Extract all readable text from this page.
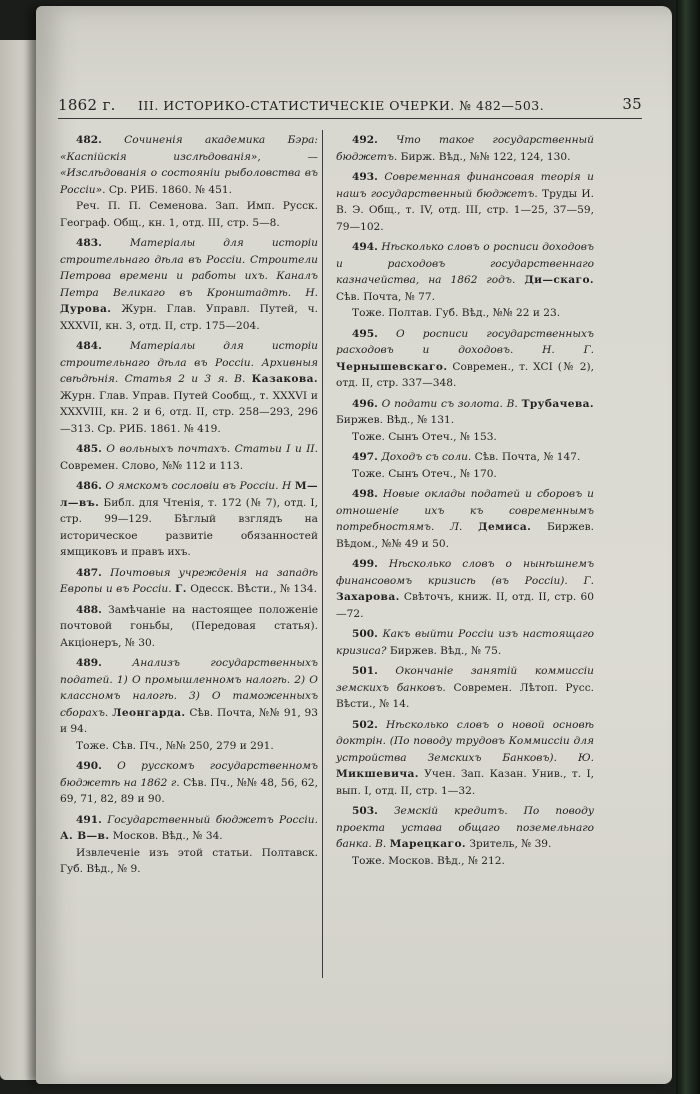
1862 г. III. ИСТОРИКО-СТАТИСТИЧЕСКІЕ ОЧЕРКИ. № 482—503.	35

482. Сочиненія академика Бэра: «Каспійскія изслѣдованія», — «Изслѣдованія о состояніи рыболовства въ Россіи». Ср. РИБ. 1860. № 451.
Реч. П. П. Семенова. Зап. Имп. Русск. Географ. Общ., кн. 1, отд. III, стр. 5—8.

483.	Матеріалы для исторіи строительнаго дѣла въ Россіи. Строители Петрова времени и работы ихъ. Каналъ Петра Великаго въ Кронштадтѣ. Н. Дурова. Журн. Глав. Управл. Путей, ч. XXXVII, кн. 3, отд. II, стр. 175—204.

484.	Матеріалы для исторіи строительнаго дѣла въ Россіи. Архивныя свѣдѣнія. Статья 2 и 3 я. В. Казакова. Журн. Глав. Управ. Путей Сообщ., т. XXXVI и XXXVIII, кн. 2 и 6, отд. II, стр. 258—293, 296—313. Ср. РИБ. 1861. № 419.

485. О вольныхъ почтахъ. Статьи I и II. Современ. Слово, №№ 112 и 113.

486. О ямскомъ сословіи въ Россіи. Н М—л—въ. Библ. для Чтенія, т. 172 (№ 7), отд. I, стр. 99—129. Бѣглый взглядъ на историческое развитіе обязанностей ямщиковъ и правъ ихъ.

487. Почтовыя учрежденія на западѣ Европы и въ Россіи. Г. Одесск. Вѣсти., № 134.

488. Замѣчаніе на настоящее положеніе почтовой гоньбы, (Передовая статья). Акціонеръ, № 30.

489.	Анализъ государственныхъ податей. 1) О промышленномъ налогѣ. 2) О классномъ налогѣ. 3) О таможенныхъ сборахъ. Леонгарда. Сѣв. Почта, №№ 91, 93 и 94.
Тоже. Сѣв. Пч., №№ 250, 279 и 291.

490. О русскомъ государственномъ бюджетѣ на 1862 г. Сѣв. Пч., №№ 48, 56, 62, 69, 71, 82, 89 и 90.

491. Государственный бюджетъ Россіи. А. В—в. Москов. Вѣд., № 34.
Извлеченіе изъ этой статьи. Полтавск. Губ. Вѣд., № 9.

492. Что такое государственный бюджетъ. Бирж. Вѣд., №№ 122, 124, 130.

493. Современная финансовая теорія и нашъ государственный бюджетъ. Труды И. В. Э. Общ., т. IV, отд. III, стр. 1—25, 37—59, 79—102.

494. Нѣсколько словъ о росписи доходовъ и расходовъ государственнаго казначейства, на 1862 годъ. Ди—скаго. Сѣв. Почта, № 77.
Тоже. Полтав. Губ. Вѣд., №№ 22 и 23.

495. О росписи государственныхъ расходовъ и доходовъ. Н. Г. Чернышевскаго. Современ., т. XCI (№ 2), отд. II, стр. 337—348.

496. О подати съ золота. В. Трубачева. Биржев. Вѣд., № 131.
Тоже. Сынъ Отеч., № 153.

497. Доходъ съ соли. Сѣв. Почта, № 147.
Тоже. Сынъ Отеч., № 170.

498. Новые оклады податей и сборовъ и отношеніе ихъ къ современнымъ потребностямъ. Л. Демиса. Биржев. Вѣдом., №№ 49 и 50.

499. Нѣсколько словъ о нынѣшнемъ финансовомъ кризисѣ (въ Россіи). Г. Захарова. Свѣточъ, книж. II, отд. II, стр. 60—72.

500. Какъ выйти Россіи изъ настоящаго кризиса? Биржев. Вѣд., № 75.

501. Окончаніе занятій коммиссіи земскихъ банковъ. Современ. Лѣтоп. Русс. Вѣсти., № 14.

502. Нѣсколько словъ о новой основѣ доктрін. (По поводу трудовъ Коммиссіи для устройства Земскихъ Банковъ). Ю. Микшевича. Учен. Зап. Казан. Унив., т. I, вып. I, отд. II, стр. 1—32.

503. Земскій кредитъ. По поводу проекта устава общаго поземельнаго банка. В. Марецкаго. Зритель, № 39.
Тоже. Москов. Вѣд., № 212.
